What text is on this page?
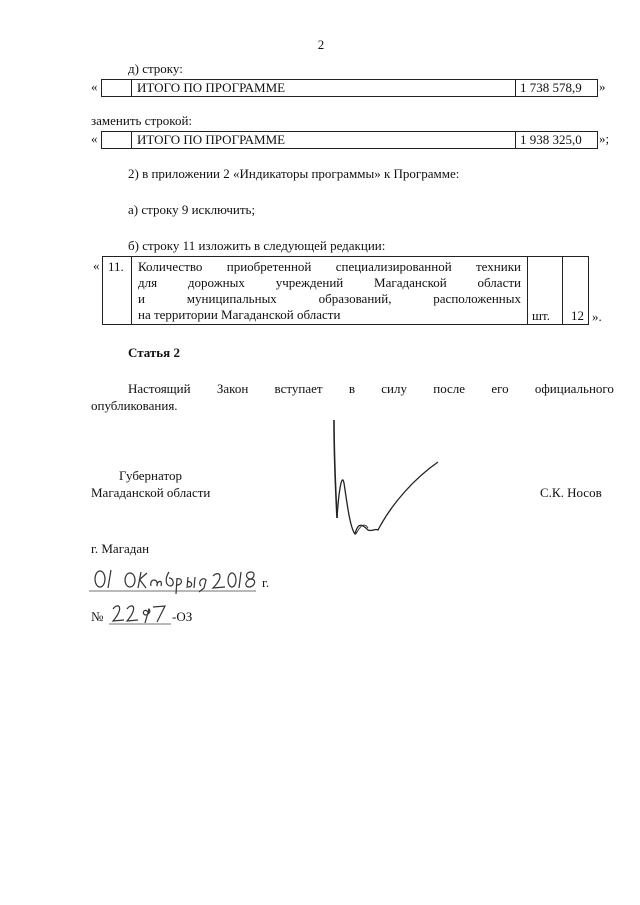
2
д) строку:
«	ИТОГО ПО ПРОГРАММЕ	1 738 578,9 »
заменить строкой:
«	ИТОГО ПО ПРОГРАММЕ	1 938 325,0 »;
2) в приложении 2 «Индикаторы программы» к Программе:
а) строку 9 исключить;
б) строку 11 изложить в следующей редакции:
« 11. Количество приобретенной специализированной техники
для дорожных учреждений Магаданской области
и	муниципальных	образований,	расположенных
на территории Магаданской области	шт. 12 ».
Статья 2
Настоящий Закон вступает в силу после его официального
опубликования.
Губернатор
Магаданской области	С.К. Носов
г. Магадан
г.
№	-ОЗ
